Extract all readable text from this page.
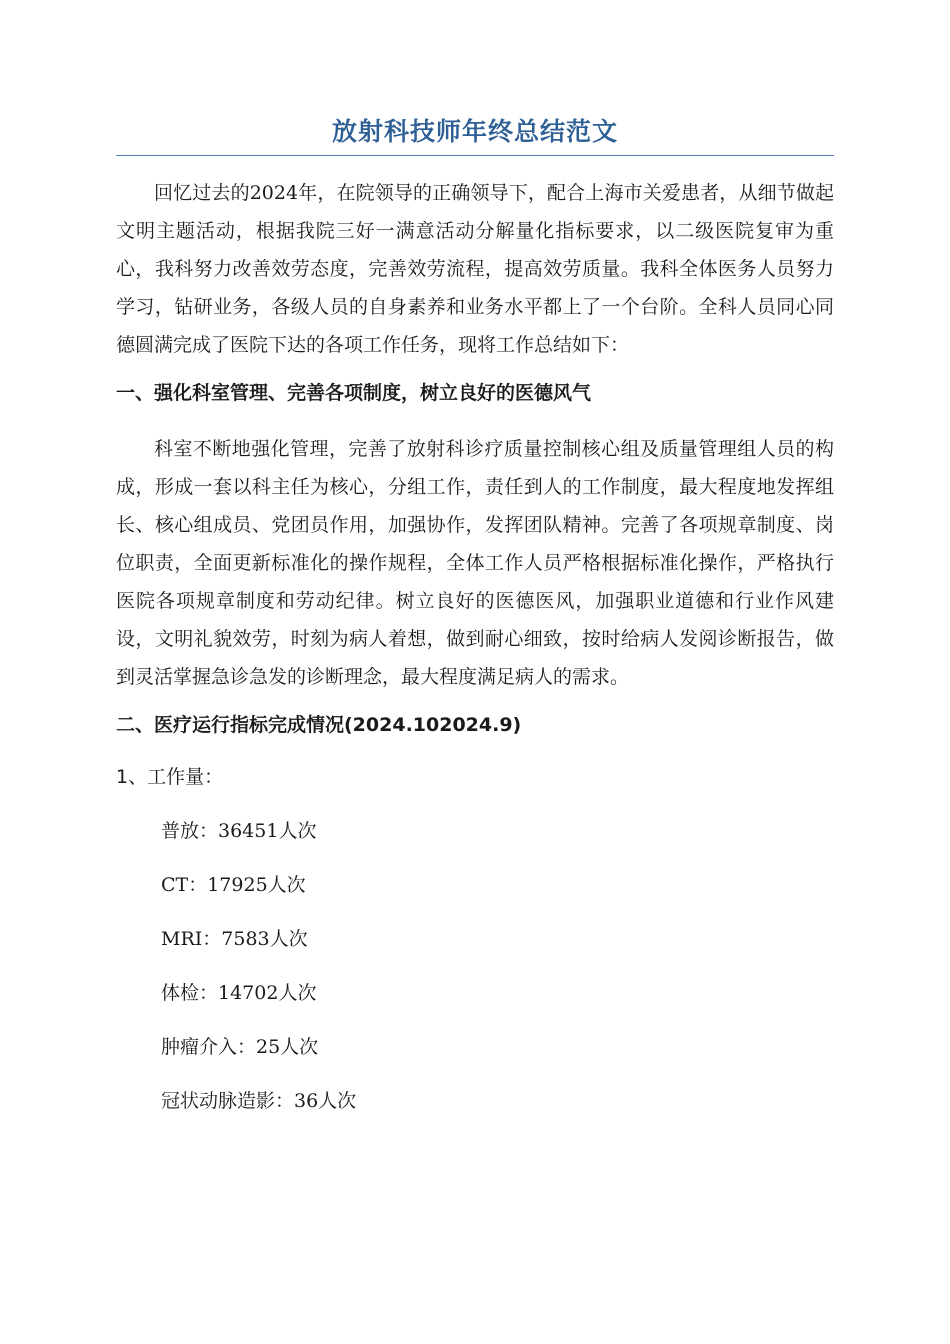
放射科技师年终总结范文

回忆过去的2024年，在院领导的正确领导下，配合上海市关爱患者，从细节做起文明主题活动，根据我院三好一满意活动分解量化指标要求，以二级医院复审为重心，我科努力改善效劳态度，完善效劳流程，提高效劳质量。我科全体医务人员努力学习，钻研业务，各级人员的自身素养和业务水平都上了一个台阶。全科人员同心同德圆满完成了医院下达的各项工作任务，现将工作总结如下：

一、强化科室管理、完善各项制度，树立良好的医德风气

科室不断地强化管理，完善了放射科诊疗质量控制核心组及质量管理组人员的构成，形成一套以科主任为核心，分组工作，责任到人的工作制度，最大程度地发挥组长、核心组成员、党团员作用，加强协作，发挥团队精神。完善了各项规章制度、岗位职责，全面更新标准化的操作规程，全体工作人员严格根据标准化操作，严格执行医院各项规章制度和劳动纪律。树立良好的医德医风，加强职业道德和行业作风建设，文明礼貌效劳，时刻为病人着想，做到耐心细致，按时给病人发阅诊断报告，做到灵活掌握急诊急发的诊断理念，最大程度满足病人的需求。

二、医疗运行指标完成情况(2024.102024.9)
1、工作量：
普放：36451人次
CT：17925人次
MRI：7583人次
体检：14702人次
肿瘤介入：25人次
冠状动脉造影：36人次
